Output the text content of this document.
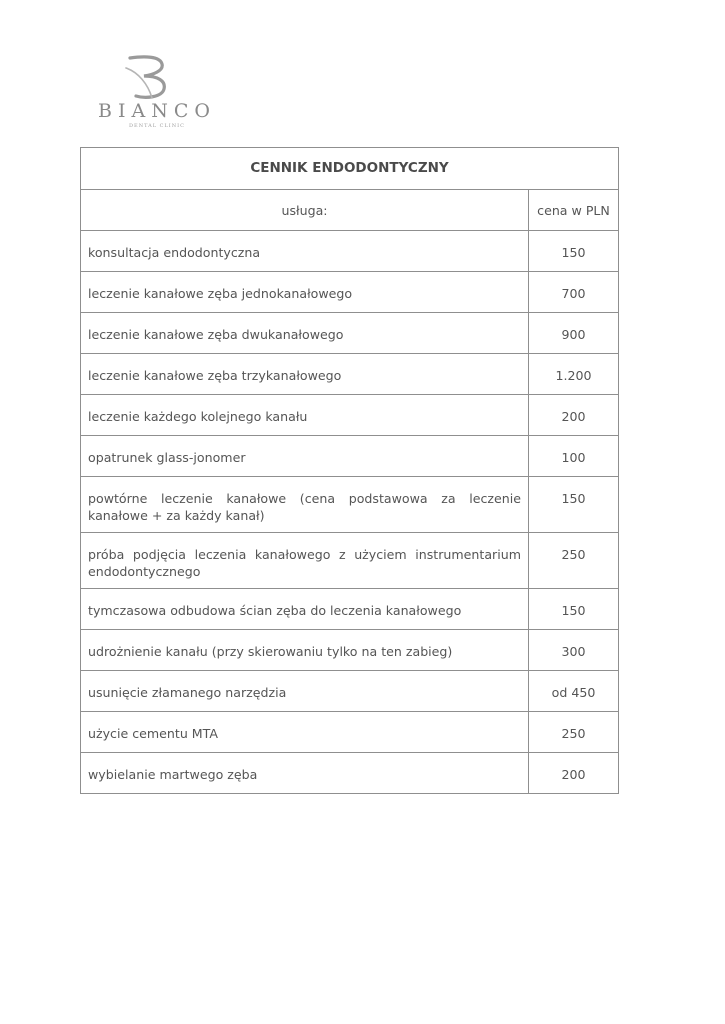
BIANCO
DENTAL CLINIC
CENNIK ENDODONTYCZNY	
usługa:	cena w PLN
konsultacja endodontyczna	150
leczenie kanałowe zęba jednokanałowego	700
leczenie kanałowe zęba dwukanałowego	900
leczenie kanałowe zęba trzykanałowego	1.200
leczenie każdego kolejnego kanału	200
opatrunek glass-jonomer	100
powtórne leczenie kanałowe (cena podstawowa za leczenie kanałowe + za każdy kanał)	150
próba podjęcia leczenia kanałowego z użyciem instrumentarium endodontycznego	250
tymczasowa odbudowa ścian zęba do leczenia kanałowego	150
udrożnienie kanału (przy skierowaniu tylko na ten zabieg)	300
usunięcie złamanego narzędzia	od 450
użycie cementu MTA	250
wybielanie martwego zęba	200
